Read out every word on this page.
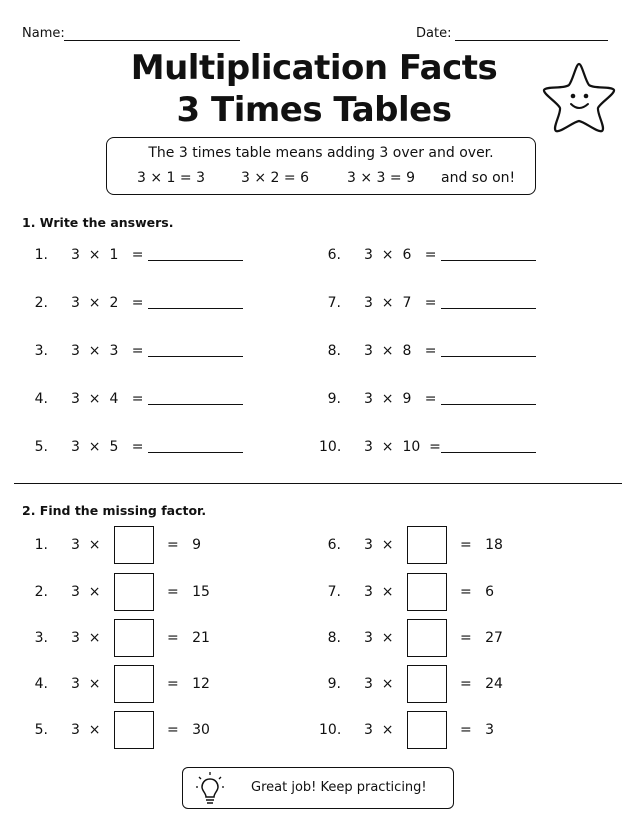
Name:	Date:
Multiplication Facts
3 Times Tables
The 3 times table means adding 3 over and over.
3 × 1 = 3	3 × 2 = 6	3 × 3 = 9 and so on!
1. Write the answers.
1. 3  ×  1   =
2. 3  ×  2   =
3. 3  ×  3   =
4. 3  ×  4   =
5. 3  ×  5   =
6. 3  ×  6   =
7. 3  ×  7   =
8. 3  ×  8   =
9. 3  ×  9   =
10. 3  ×  10  =
2. Find the missing factor.
1. 3  ×	=   9
2. 3  ×	=   15
3. 3  ×	=   21
4. 3  ×	=   12
5. 3  ×	=   30
6. 3  ×	=   18
7. 3  ×	=   6
8. 3  ×	=   27
9. 3  ×	=   24
10. 3  ×	=   3
Great job! Keep practicing!
